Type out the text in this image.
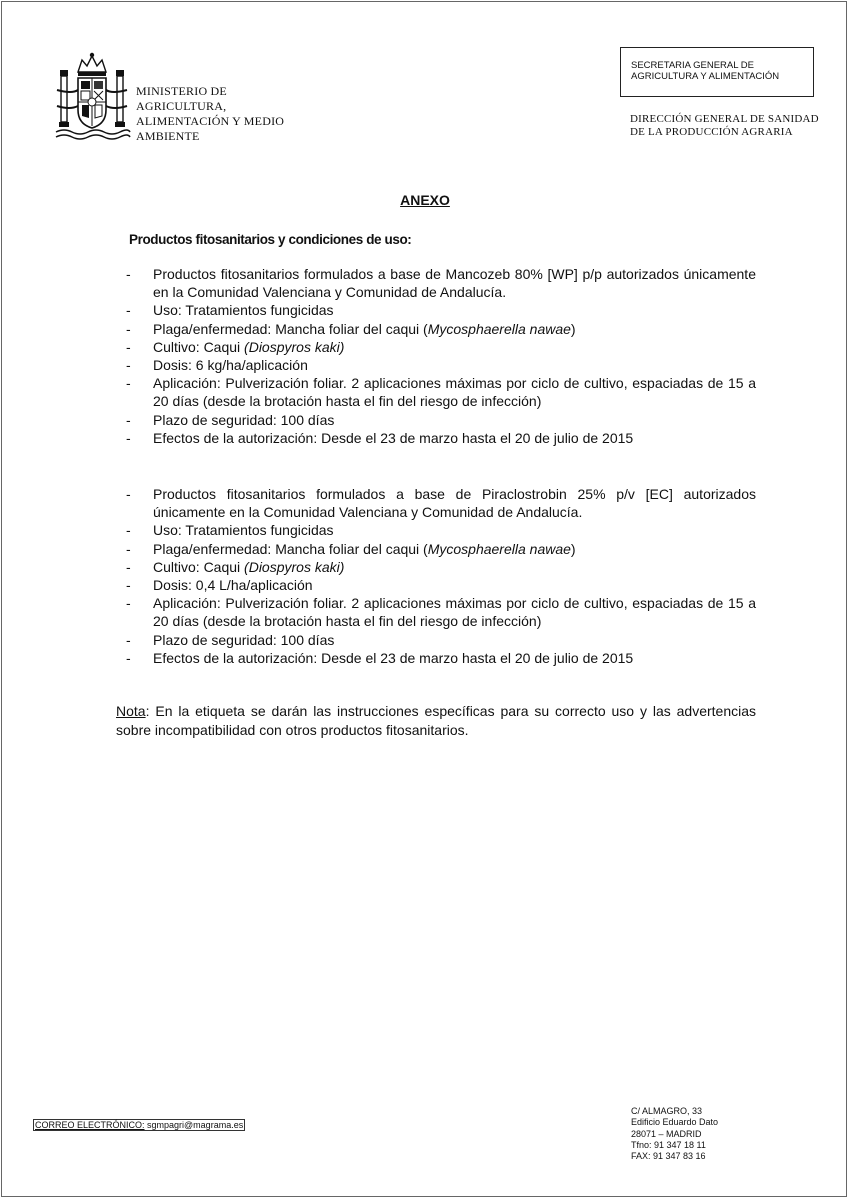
MINISTERIO DE
AGRICULTURA,
ALIMENTACIÓN Y MEDIO
AMBIENTE
SECRETARIA GENERAL DE
AGRICULTURA Y ALIMENTACIÓN
DIRECCIÓN GENERAL DE SANIDAD
DE LA PRODUCCIÓN AGRARIA
ANEXO
Productos fitosanitarios y condiciones de uso:
- Productos fitosanitarios formulados a base de Mancozeb 80% [WP] p/p autorizados únicamente en la Comunidad Valenciana y Comunidad de Andalucía.
- Uso: Tratamientos fungicidas
- Plaga/enfermedad: Mancha foliar del caqui (Mycosphaerella nawae)
- Cultivo: Caqui (Diospyros kaki)
- Dosis: 6 kg/ha/aplicación
- Aplicación: Pulverización foliar. 2 aplicaciones máximas por ciclo de cultivo, espaciadas de 15 a 20 días (desde la brotación hasta el fin del riesgo de infección)
- Plazo de seguridad: 100 días
- Efectos de la autorización: Desde el 23 de marzo hasta el 20 de julio de 2015
- Productos fitosanitarios formulados a base de Piraclostrobin 25% p/v [EC] autorizados únicamente en la Comunidad Valenciana y Comunidad de Andalucía.
- Uso: Tratamientos fungicidas
- Plaga/enfermedad: Mancha foliar del caqui (Mycosphaerella nawae)
- Cultivo: Caqui (Diospyros kaki)
- Dosis: 0,4 L/ha/aplicación
- Aplicación: Pulverización foliar. 2 aplicaciones máximas por ciclo de cultivo, espaciadas de 15 a 20 días (desde la brotación hasta el fin del riesgo de infección)
- Plazo de seguridad: 100 días
- Efectos de la autorización: Desde el 23 de marzo hasta el 20 de julio de 2015
Nota: En la etiqueta se darán las instrucciones específicas para su correcto uso y las advertencias sobre incompatibilidad con otros productos fitosanitarios.
CORREO ELECTRÓNICO: sgmpagri@magrama.es
C/ ALMAGRO, 33
Edificio Eduardo Dato
28071 – MADRID
Tfno: 91 347 18 11
FAX: 91 347 83 16
